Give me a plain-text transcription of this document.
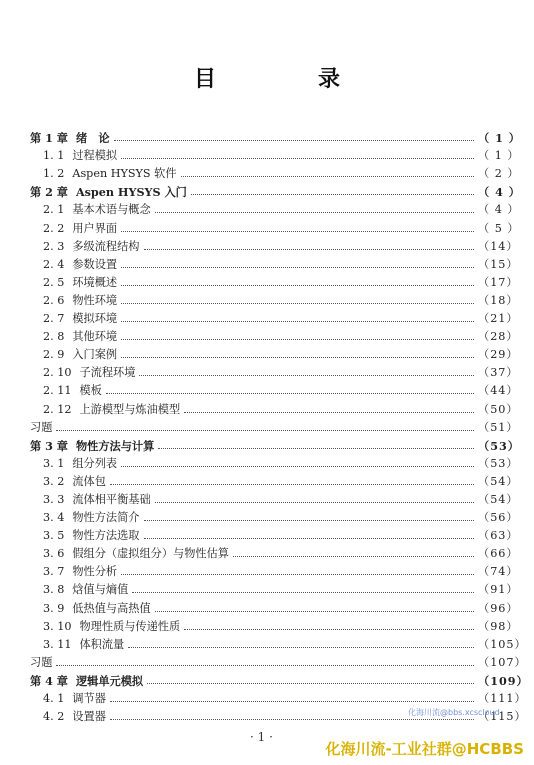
目　录
第 1 章 绪　论	（ 1 ）
1. 1 过程模拟	（ 1 ）
1. 2 Aspen HYSYS 软件	（ 2 ）
第 2 章 Aspen HYSYS 入门	（ 4 ）
2. 1 基本术语与概念	（ 4 ）
2. 2 用户界面	（ 5 ）
2. 3 多级流程结构	（14）
2. 4 参数设置	（15）
2. 5 环境概述	（17）
2. 6 物性环境	（18）
2. 7 模拟环境	（21）
2. 8 其他环境	（28）
2. 9 入门案例	（29）
2. 10 子流程环境	（37）
2. 11 模板	（44）
2. 12 上游模型与炼油模型	（50）
习题	（51）
第 3 章 物性方法与计算	（53）
3. 1 组分列表	（53）
3. 2 流体包	（54）
3. 3 流体相平衡基础	（54）
3. 4 物性方法简介	（56）
3. 5 物性方法选取	（63）
3. 6 假组分（虚拟组分）与物性估算	（66）
3. 7 物性分析	（74）
3. 8 焓值与熵值	（91）
3. 9 低热值与高热值	（96）
3. 10 物理性质与传递性质	（98）
3. 11 体积流量	（105）
习题	（107）
第 4 章 逻辑单元模拟	（109）
4. 1 调节器	（111）
4. 2 设置器	（115）
化海川流@bbs.xcscloud
· 1 ·
化海川流-工业社群@HCBBS
